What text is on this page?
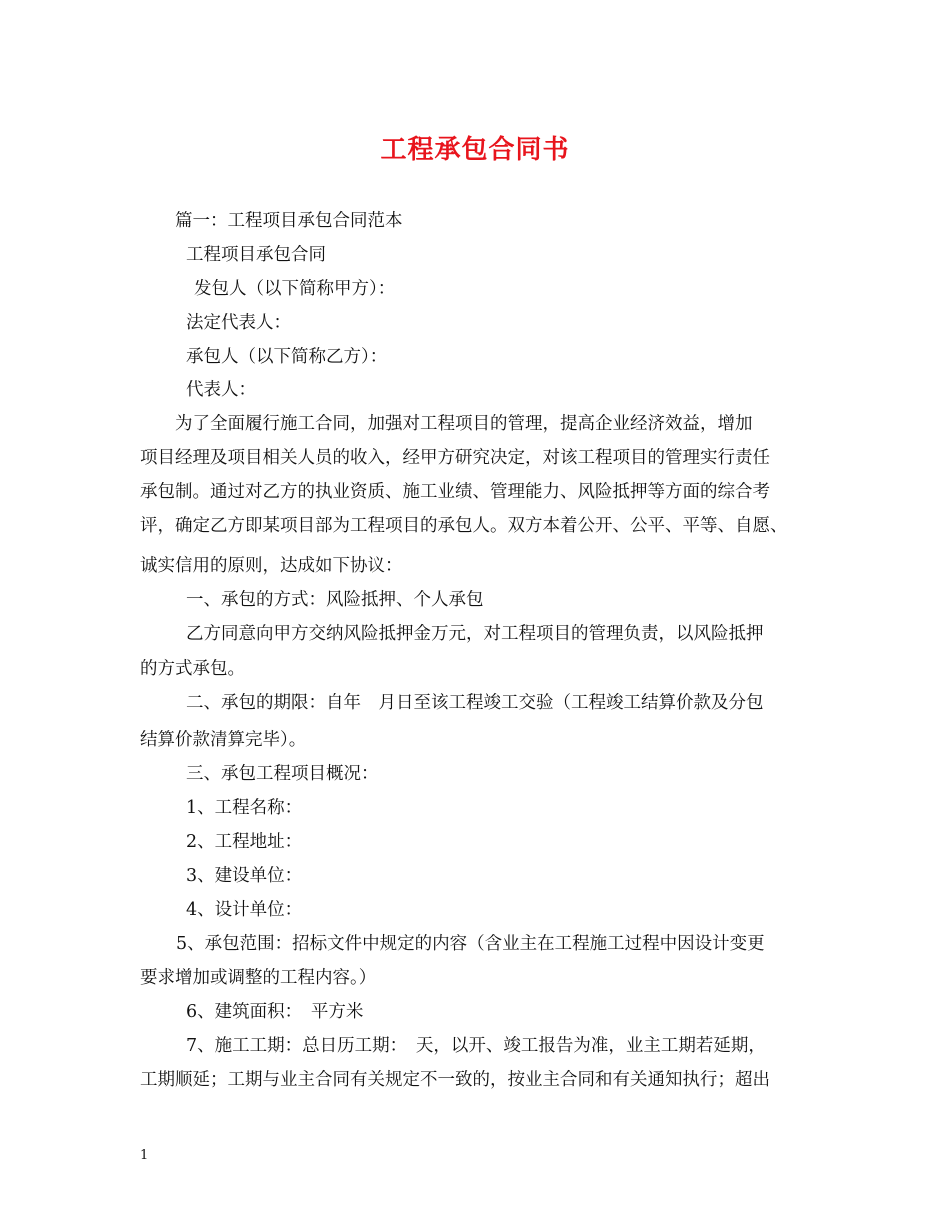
工程承包合同书
篇一：工程项目承包合同范本
工程项目承包合同
发包人（以下简称甲方）：
法定代表人：
承包人（以下简称乙方）：
代表人：
为了全面履行施工合同，加强对工程项目的管理，提高企业经济效益，增加
项目经理及项目相关人员的收入，经甲方研究决定，对该工程项目的管理实行责任
承包制。通过对乙方的执业资质、施工业绩、管理能力、风险抵押等方面的综合考
评，确定乙方即某项目部为工程项目的承包人。双方本着公开、公平、平等、自愿、
诚实信用的原则，达成如下协议：
一、承包的方式：风险抵押、个人承包
乙方同意向甲方交纳风险抵押金万元，对工程项目的管理负责，以风险抵押
的方式承包。
二、承包的期限：自年　月日至该工程竣工交验（工程竣工结算价款及分包
结算价款清算完毕）。
三、承包工程项目概况：
1、工程名称：
2、工程地址：
3、建设单位：
4、设计单位：
5、承包范围：招标文件中规定的内容（含业主在工程施工过程中因设计变更
要求增加或调整的工程内容。）
6、建筑面积：　平方米
7、施工工期：总日历工期：　天，以开、竣工报告为准，业主工期若延期，
工期顺延；工期与业主合同有关规定不一致的，按业主合同和有关通知执行；超出
1
